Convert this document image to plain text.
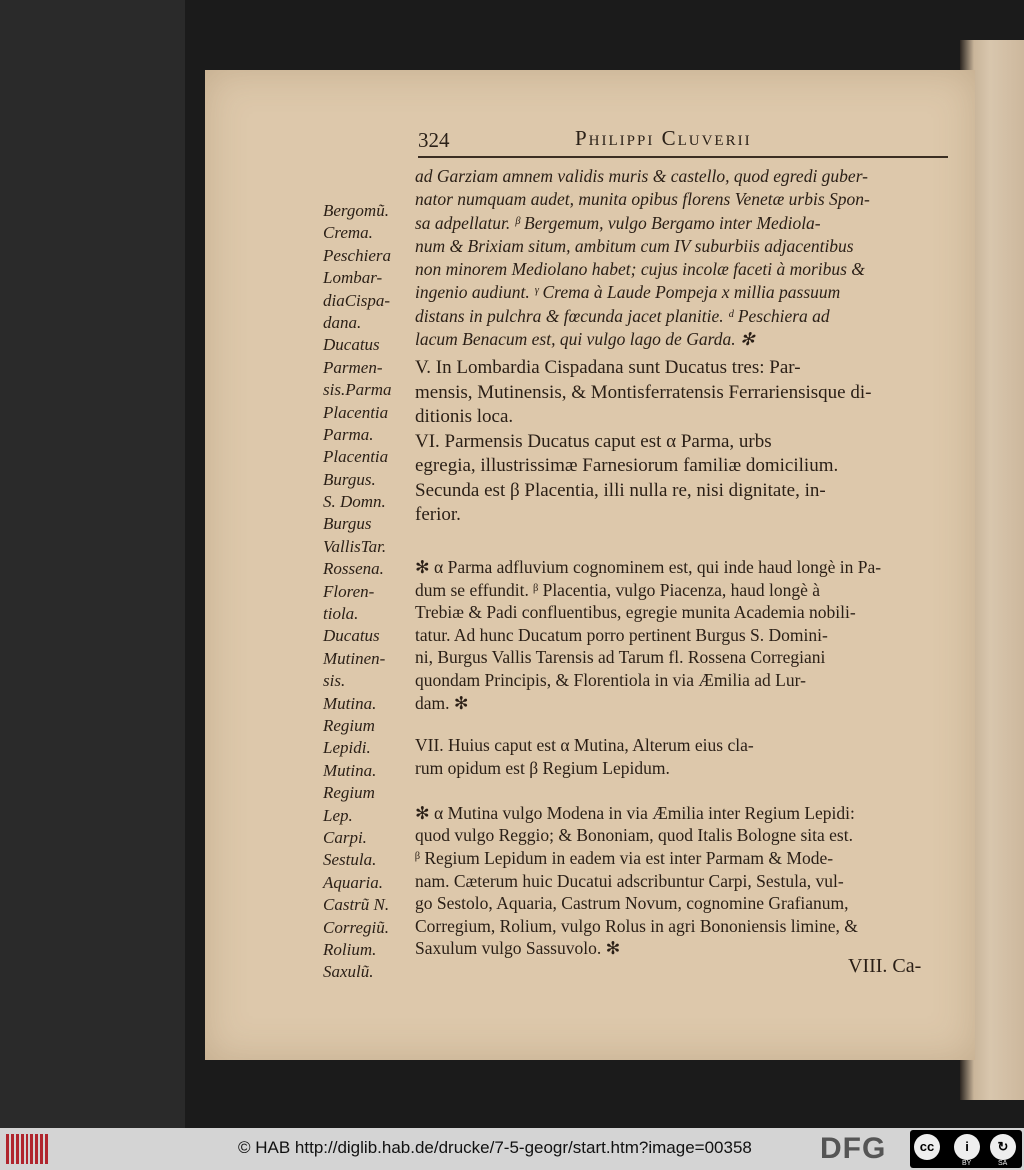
324	Philippi Cluverii
Bergomũ.
Crema.
Peschiera
Lombar-
diaCispa-
dana.
Ducatus
Parmen-
sis.Parma
Placentia
Parma.
Placentia
Burgus.
S. Domn.
Burgus
VallisTar.
Rossena.
Floren-
tiola.
Ducatus
Mutinen-
sis.
Mutina.
Regium
Lepidi.
Mutina.
Regium
Lep.
Carpi.
Sestula.
Aquaria.
Castrũ N.
Corregiũ.
Rolium.
Saxulũ.
ad Garziam amnem validis muris & castello, quod egredi guber-
nator numquam audet, munita opibus florens Venetæ urbis Spon-
sa adpellatur. ᵝ Bergemum, vulgo Bergamo inter Mediola-
num & Brixiam situm, ambitum cum IV suburbiis adjacentibus
non minorem Mediolano habet; cujus incolæ faceti à moribus &
ingenio audiunt. ᵞ Crema à Laude Pompeja x millia passuum
distans in pulchra & fœcunda jacet planitie. ᵈ Peschiera ad
lacum Benacum est, qui vulgo lago de Garda. ✻
V. In Lombardia Cispadana sunt Ducatus tres: Par-
mensis, Mutinensis, & Montisferratensis Ferrariensisque di-
ditionis loca.
VI. Parmensis Ducatus caput est α Parma, urbs
egregia, illustrissimæ Farnesiorum familiæ domicilium.
Secunda est β Placentia, illi nulla re, nisi dignitate, in-
ferior.
✻ α Parma adfluvium cognominem est, qui inde haud longè in Pa-
dum se effundit. ᵝ Placentia, vulgo Piacenza, haud longè à
Trebiæ & Padi confluentibus, egregie munita Academia nobili-
tatur. Ad hunc Ducatum porro pertinent Burgus S. Domini-
ni, Burgus Vallis Tarensis ad Tarum fl. Rossena Corregiani
quondam Principis, & Florentiola in via Æmilia ad Lur-
dam. ✻
VII. Huius caput est α Mutina, Alterum eius cla-
rum opidum est β Regium Lepidum.
✻ α Mutina vulgo Modena in via Æmilia inter Regium Lepidi:
quod vulgo Reggio; & Bononiam, quod Italis Bologne sita est.
ᵝ Regium Lepidum in eadem via est inter Parmam & Mode-
nam. Cæterum huic Ducatui adscribuntur Carpi, Sestula, vul-
go Sestolo, Aquaria, Castrum Novum, cognomine Grafianum,
Corregium, Rolium, vulgo Rolus in agri Bononiensis limine, &
Saxulum vulgo Sassuvolo. ✻
VIII. Ca-
© HAB http://diglib.hab.de/drucke/7-5-geogr/start.htm?image=00358 DFG	cc	i	↻
BY	SA
